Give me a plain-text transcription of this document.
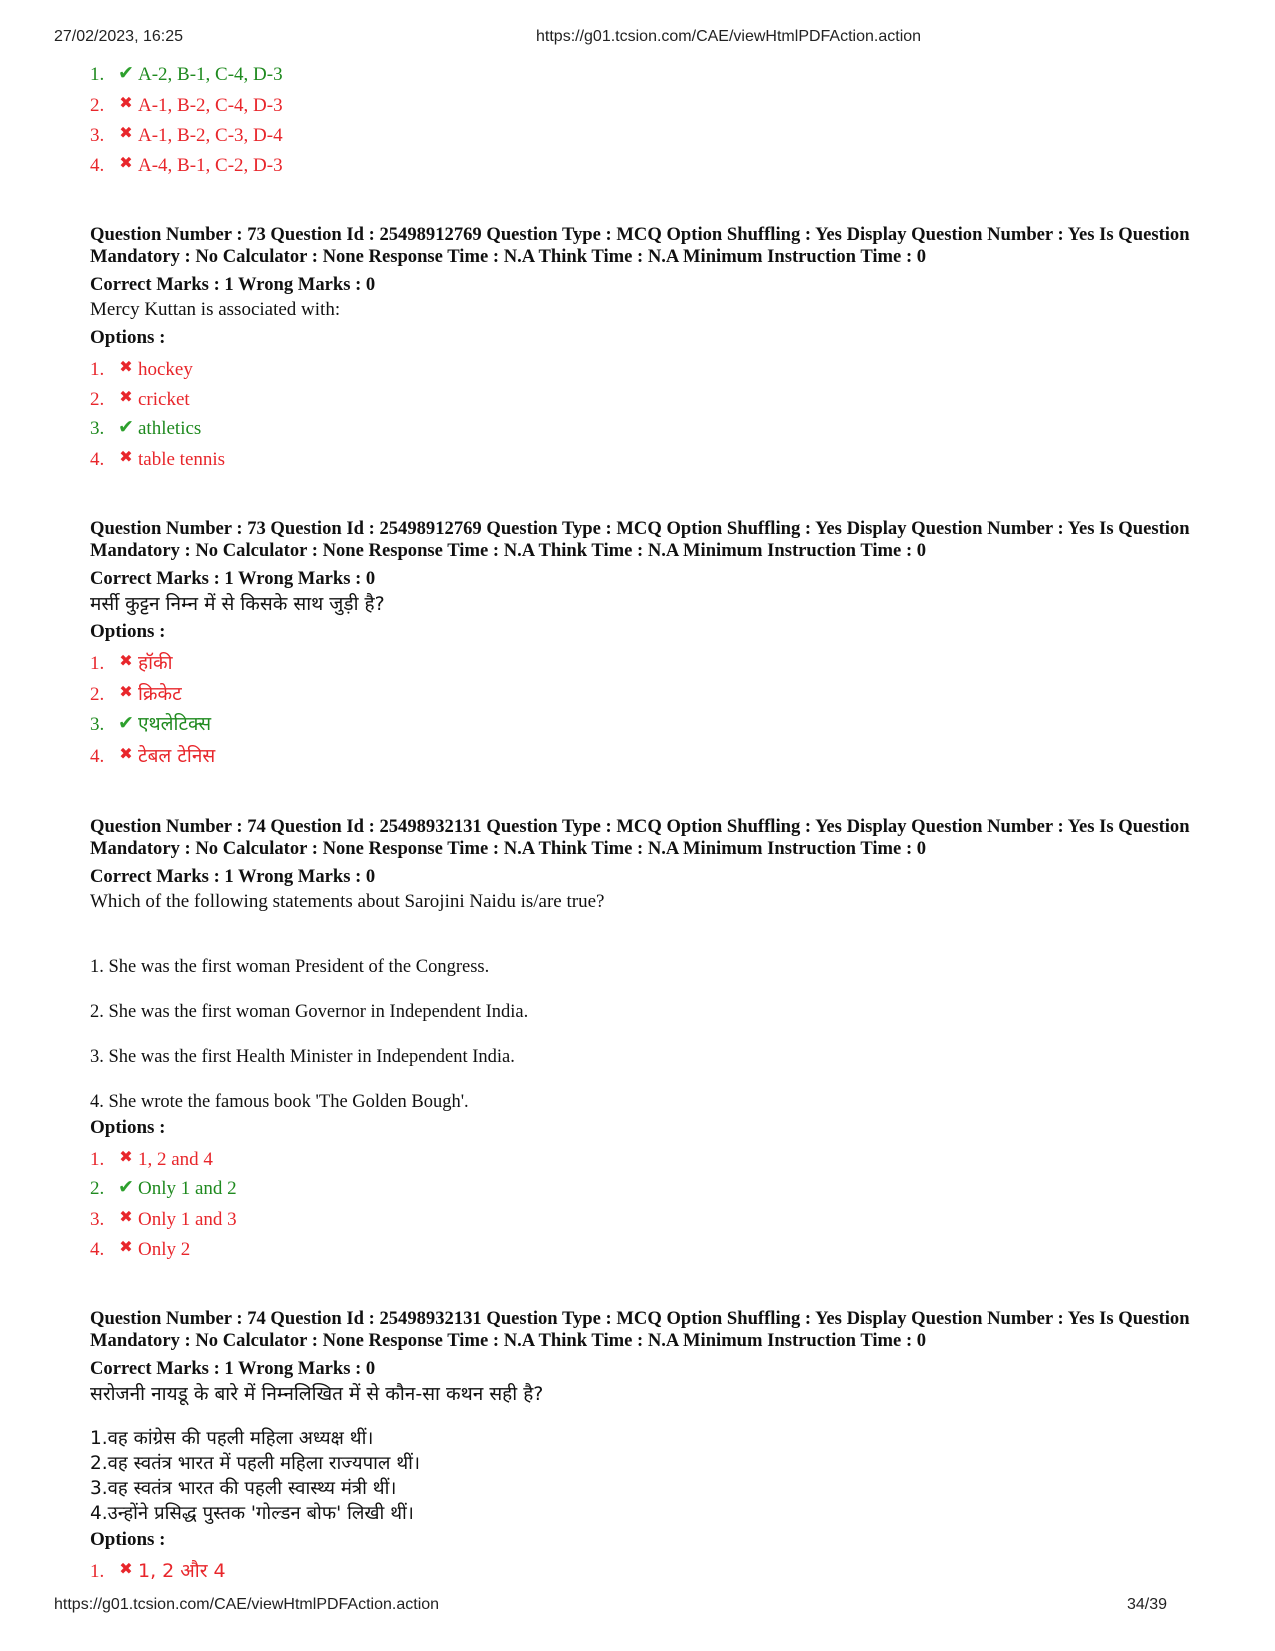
27/02/2023, 16:25	https://g01.tcsion.com/CAE/viewHtmlPDFAction.action
1. ✔ A-2, B-1, C-4, D-3
2. ✖ A-1, B-2, C-4, D-3
3. ✖ A-1, B-2, C-3, D-4
4. ✖ A-4, B-1, C-2, D-3
Question Number : 73 Question Id : 25498912769 Question Type : MCQ Option Shuffling : Yes Display Question Number : Yes Is Question Mandatory : No Calculator : None Response Time : N.A Think Time : N.A Minimum Instruction Time : 0
Correct Marks : 1 Wrong Marks : 0
Mercy Kuttan is associated with:
Options :
1. ✖ hockey
2. ✖ cricket
3. ✔ athletics
4. ✖ table tennis
Question Number : 73 Question Id : 25498912769 Question Type : MCQ Option Shuffling : Yes Display Question Number : Yes Is Question Mandatory : No Calculator : None Response Time : N.A Think Time : N.A Minimum Instruction Time : 0
Correct Marks : 1 Wrong Marks : 0
मर्सी कुट्टन निम्न में से किसके साथ जुड़ी है?
Options :
1. ✖ हॉकी
2. ✖ क्रिकेट
3. ✔ एथलेटिक्स
4. ✖ टेबल टेनिस
Question Number : 74 Question Id : 25498932131 Question Type : MCQ Option Shuffling : Yes Display Question Number : Yes Is Question Mandatory : No Calculator : None Response Time : N.A Think Time : N.A Minimum Instruction Time : 0
Correct Marks : 1 Wrong Marks : 0
Which of the following statements about Sarojini Naidu is/are true?
1. She was the first woman President of the Congress.
2. She was the first woman Governor in Independent India.
3. She was the first Health Minister in Independent India.
4. She wrote the famous book 'The Golden Bough'.
Options :
1. ✖ 1, 2 and 4
2. ✔ Only 1 and 2
3. ✖ Only 1 and 3
4. ✖ Only 2
Question Number : 74 Question Id : 25498932131 Question Type : MCQ Option Shuffling : Yes Display Question Number : Yes Is Question Mandatory : No Calculator : None Response Time : N.A Think Time : N.A Minimum Instruction Time : 0
Correct Marks : 1 Wrong Marks : 0
सरोजनी नायडू के बारे में निम्नलिखित में से कौन-सा कथन सही है?
1.वह कांग्रेस की पहली महिला अध्यक्ष थीं।
2.वह स्वतंत्र भारत में पहली महिला राज्यपाल थीं।
3.वह स्वतंत्र भारत की पहली स्वास्थ्य मंत्री थीं।
4.उन्होंने प्रसिद्ध पुस्तक 'गोल्डन बोफ' लिखी थीं।
Options :
1. ✖ 1, 2 और 4
https://g01.tcsion.com/CAE/viewHtmlPDFAction.action	34/39
